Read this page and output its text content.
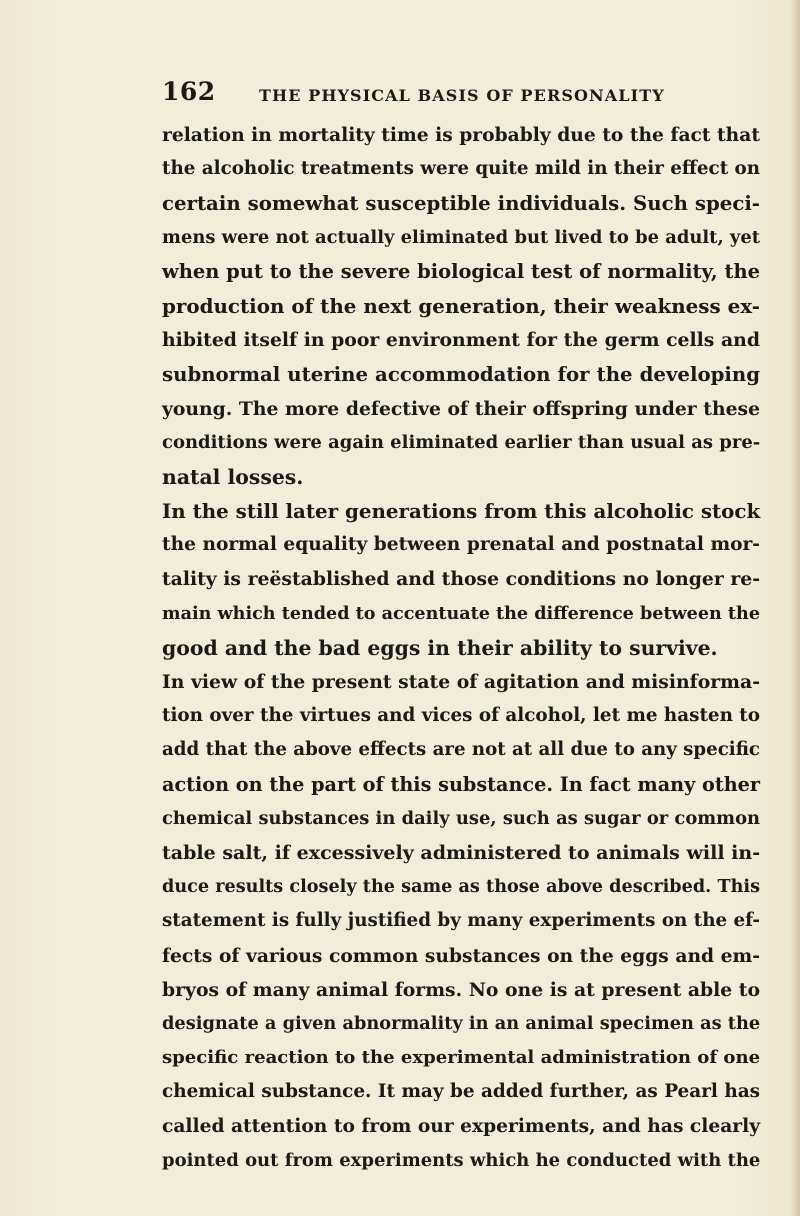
162	THE PHYSICAL BASIS OF PERSONALITY
relation in mortality time is probably due to the fact that
the alcoholic treatments were quite mild in their effect on
certain somewhat susceptible individuals. Such speci-
mens were not actually eliminated but lived to be adult, yet
when put to the severe biological test of normality, the
production of the next generation, their weakness ex-
hibited itself in poor environment for the germ cells and
subnormal uterine accommodation for the developing
young. The more defective of their offspring under these
conditions were again eliminated earlier than usual as pre-
natal losses.
In the still later generations from this alcoholic stock
the normal equality between prenatal and postnatal mor-
tality is reëstablished and those conditions no longer re-
main which tended to accentuate the difference between the
good and the bad eggs in their ability to survive.
In view of the present state of agitation and misinforma-
tion over the virtues and vices of alcohol, let me hasten to
add that the above effects are not at all due to any specific
action on the part of this substance. In fact many other
chemical substances in daily use, such as sugar or common
table salt, if excessively administered to animals will in-
duce results closely the same as those above described. This
statement is fully justified by many experiments on the ef-
fects of various common substances on the eggs and em-
bryos of many animal forms. No one is at present able to
designate a given abnormality in an animal specimen as the
specific reaction to the experimental administration of one
chemical substance. It may be added further, as Pearl has
called attention to from our experiments, and has clearly
pointed out from experiments which he conducted with the
